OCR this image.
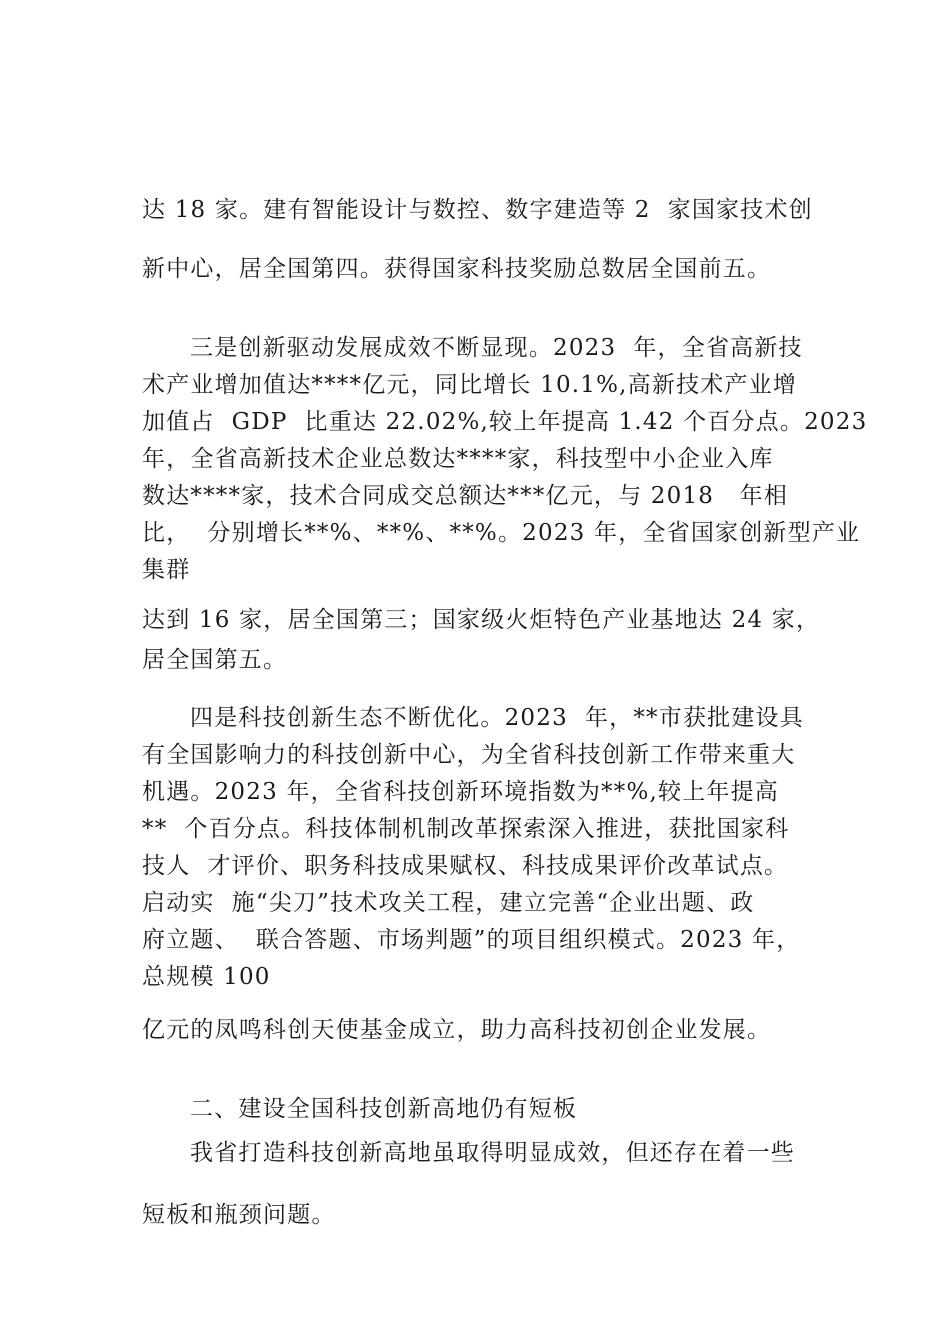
达 18 家。建有智能设计与数控、数字建造等 2  家国家技术创
新中心，居全国第四。获得国家科技奖励总数居全国前五。
三是创新驱动发展成效不断显现。2023  年，全省高新技
术产业增加值达****亿元，同比增长 10.1%,高新技术产业增
加值占  GDP  比重达 22.02%,较上年提高 1.42 个百分点。2023
年，全省高新技术企业总数达****家，科技型中小企业入库
数达****家，技术合同成交总额达***亿元，与 2018   年相
比，  分别增长**%、**%、**%。2023 年，全省国家创新型产业
集群
达到 16 家，居全国第三；国家级火炬特色产业基地达 24 家，
居全国第五。
四是科技创新生态不断优化。2023  年，**市获批建设具
有全国影响力的科技创新中心，为全省科技创新工作带来重大
机遇。2023 年，全省科技创新环境指数为**%,较上年提高
**  个百分点。科技体制机制改革探索深入推进，获批国家科
技人  才评价、职务科技成果赋权、科技成果评价改革试点。
启动实  施“尖刀”技术攻关工程，建立完善“企业出题、政
府立题、  联合答题、市场判题”的项目组织模式。2023 年，
总规模 100
亿元的凤鸣科创天使基金成立，助力高科技初创企业发展。
二、建设全国科技创新高地仍有短板
我省打造科技创新高地虽取得明显成效，但还存在着一些
短板和瓶颈问题。
